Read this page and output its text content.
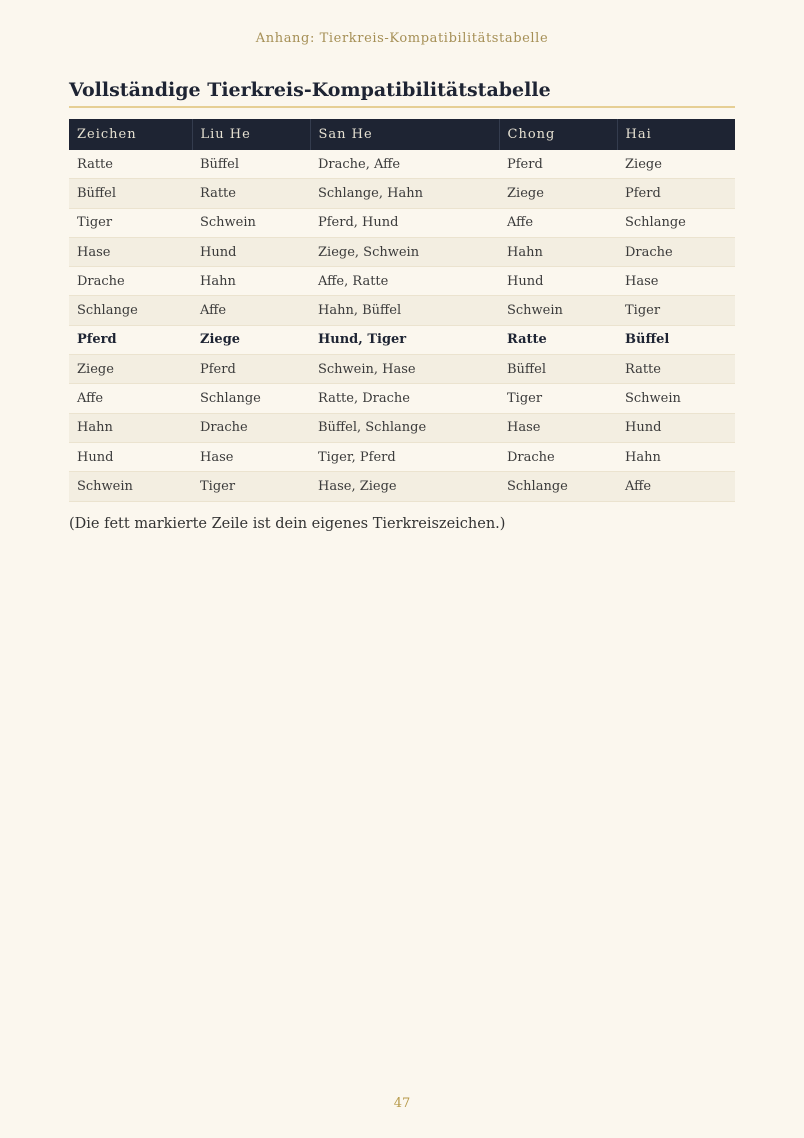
Anhang: Tierkreis-Kompatibilitätstabelle
Vollständige Tierkreis-Kompatibilitätstabelle
Zeichen	Liu He	San He	Chong	Hai
Ratte	Büffel	Drache, Affe	Pferd	Ziege
Büffel	Ratte	Schlange, Hahn	Ziege	Pferd
Tiger	Schwein	Pferd, Hund	Affe	Schlange
Hase	Hund	Ziege, Schwein	Hahn	Drache
Drache	Hahn	Affe, Ratte	Hund	Hase
Schlange	Affe	Hahn, Büffel	Schwein	Tiger
Pferd	Ziege	Hund, Tiger	Ratte	Büffel
Ziege	Pferd	Schwein, Hase	Büffel	Ratte
Affe	Schlange	Ratte, Drache	Tiger	Schwein
Hahn	Drache	Büffel, Schlange	Hase	Hund
Hund	Hase	Tiger, Pferd	Drache	Hahn
Schwein	Tiger	Hase, Ziege	Schlange	Affe
(Die fett markierte Zeile ist dein eigenes Tierkreiszeichen.)
47
